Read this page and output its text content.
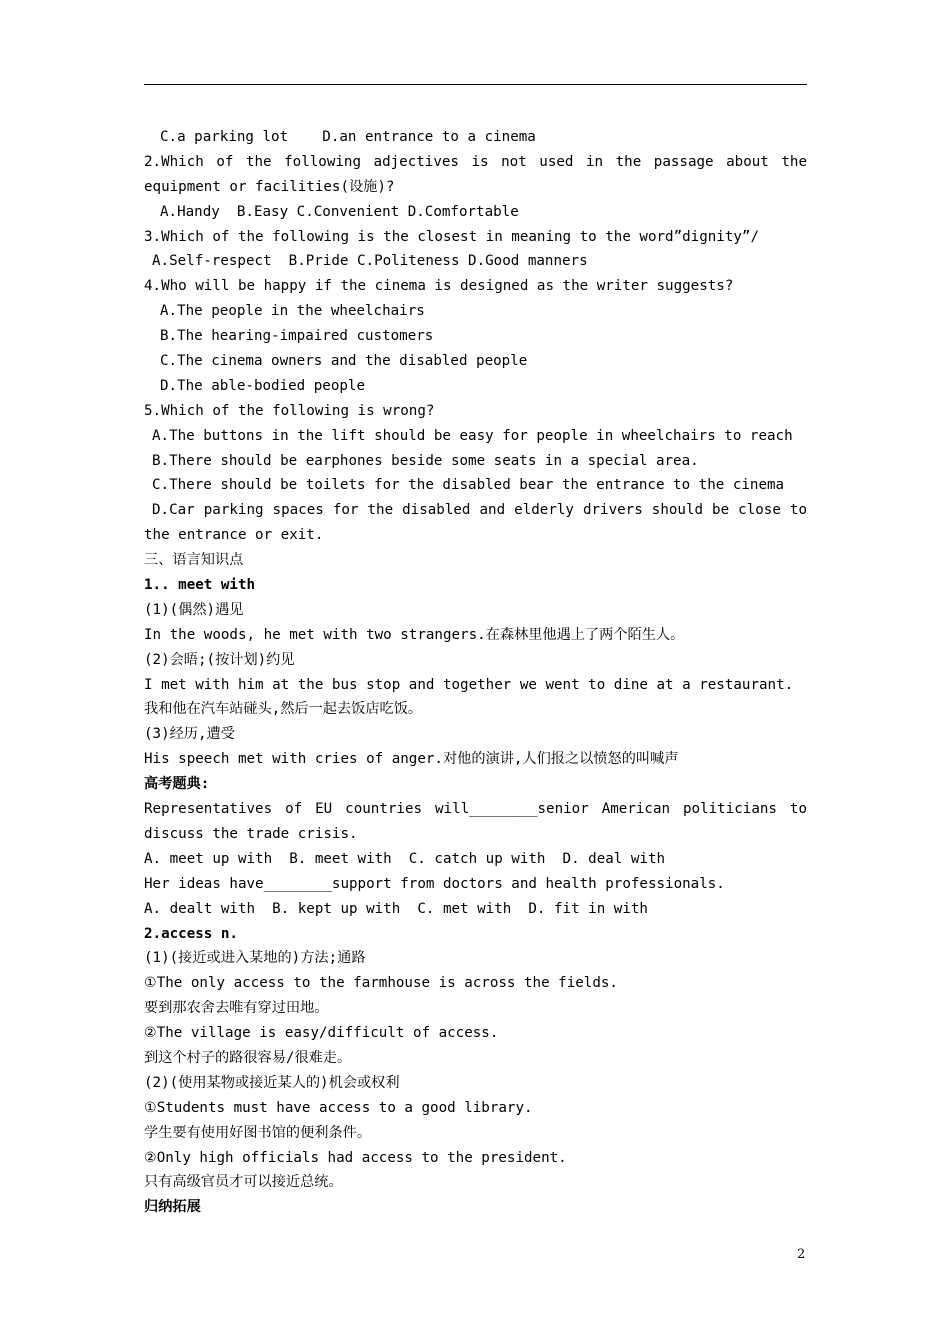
C.a parking lot    D.an entrance to a cinema
2.Which of the following adjectives is not used in the passage about the
equipment or facilities(设施)?
A.Handy  B.Easy C.Convenient D.Comfortable
3.Which of the following is the closest in meaning to the word”dignity”/
A.Self-respect  B.Pride C.Politeness D.Good manners
4.Who will be happy if the cinema is designed as the writer suggests?
A.The people in the wheelchairs
B.The hearing-impaired customers
C.The cinema owners and the disabled people
D.The able-bodied people
5.Which of the following is wrong?
A.The buttons in the lift should be easy for people in wheelchairs to reach
B.There should be earphones beside some seats in a special area.
C.There should be toilets for the disabled bear the entrance to the cinema
D.Car parking spaces for the disabled and elderly drivers should be close to
the entrance or exit.
三、语言知识点
1.. meet with
(1)(偶然)遇见
In the woods, he met with two strangers.在森林里他遇上了两个陌生人。
(2)会晤;(按计划)约见
I met with him at the bus stop and together we went to dine at a restaurant.
我和他在汽车站碰头,然后一起去饭店吃饭。
(3)经历,遭受
His speech met with cries of anger.对他的演讲,人们报之以愤怒的叫喊声
高考题典:
Representatives of EU countries will________senior American politicians to
discuss the trade crisis.
A. meet up with  B. meet with  C. catch up with  D. deal with
Her ideas have________support from doctors and health professionals.
A. dealt with  B. kept up with  C. met with  D. fit in with
2.access n.
(1)(接近或进入某地的)方法;通路
①The only access to the farmhouse is across the fields.
要到那农舍去唯有穿过田地。
②The village is easy/difficult of access.
到这个村子的路很容易/很难走。
(2)(使用某物或接近某人的)机会或权利
①Students must have access to a good library.
学生要有使用好图书馆的便利条件。
②Only high officials had access to the president.
只有高级官员才可以接近总统。
归纳拓展
2
